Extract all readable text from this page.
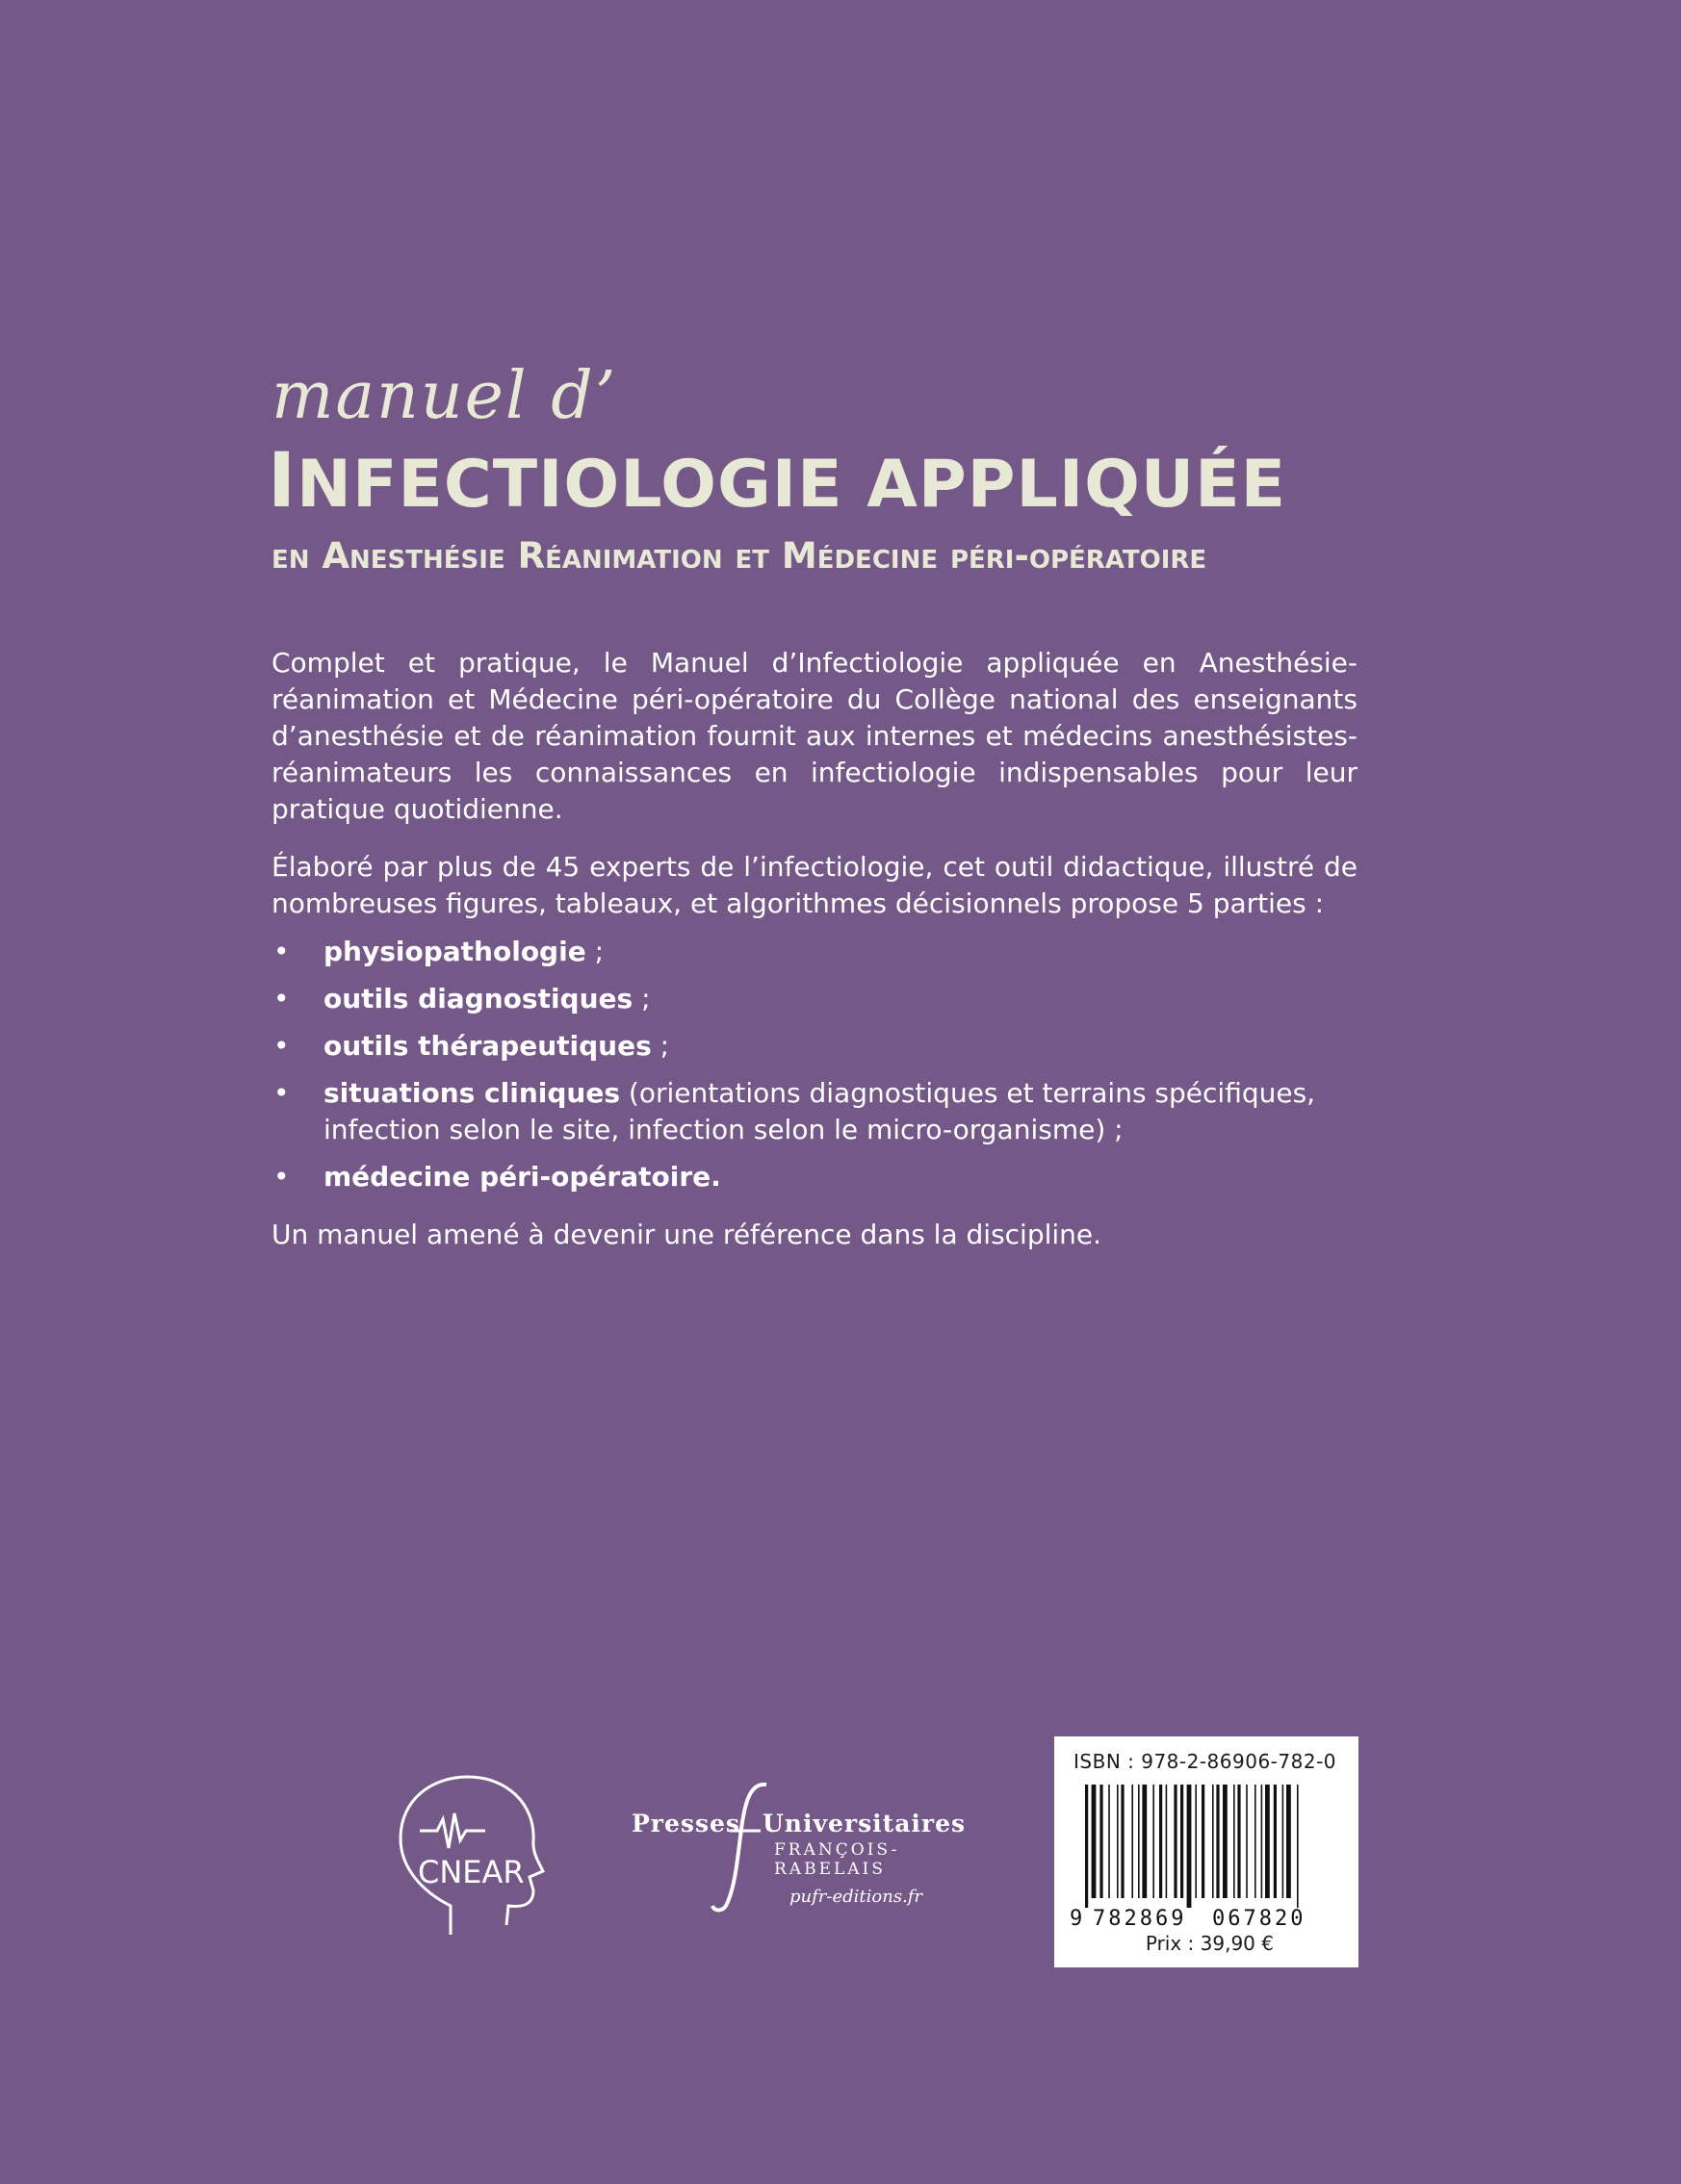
manuel d’

INFECTIOLOGIE APPLIQUÉE

en Anesthésie Réanimation et Médecine péri-opératoire

Complet et pratique, le Manuel d’Infectiologie appliquée en Anesthésie-réanimation et Médecine péri-opératoire du Collège national des enseignants d’anesthésie et de réanimation fournit aux internes et médecins anesthésistes-réanimateurs les connaissances en infectiologie indispensables pour leur pratique quotidienne.

Élaboré par plus de 45 experts de l’infectiologie, cet outil didactique, illustré de nombreuses figures, tableaux, et algorithmes décisionnels propose 5 parties :

• physiopathologie ;
• outils diagnostiques ;
• outils thérapeutiques ;
• situations cliniques (orientations diagnostiques et terrains spécifiques, infection selon le site, infection selon le micro-organisme) ;
• médecine péri-opératoire.

Un manuel amené à devenir une référence dans la discipline.

CNEAR
Presses Universitaires
FRANÇOIS-RABELAIS
pufr-editions.fr
ISBN : 978-2-86906-782-0
9 782869 067820
Prix : 39,90 €
